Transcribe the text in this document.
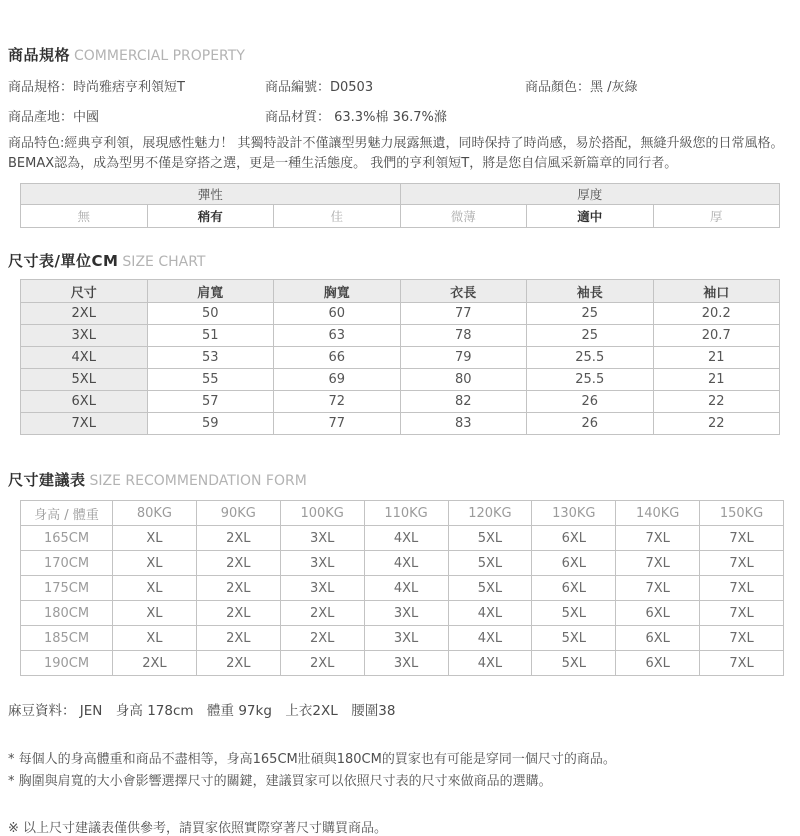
商品規格 COMMERCIAL PROPERTY
商品規格：時尚雅痞亨利領短T	商品編號：D0503	商品顏色：黑 /灰綠
商品產地：中國	商品材質： 63.3%棉 36.7%滌
商品特色:經典亨利領，展現感性魅力！ 其獨特設計不僅讓型男魅力展露無遺，同時保持了時尚感，易於搭配，無縫升級您的日常風格。 BEMAX認為，成為型男不僅是穿搭之選，更是一種生活態度。 我們的亨利領短T，將是您自信風采新篇章的同行者。
彈性			厚度		
無	稍有	佳	微薄	適中	厚
尺寸表/單位CM SIZE CHART
尺寸	肩寬	胸寬	衣長	袖長	袖口
2XL	50	60	77	25	20.2
3XL	51	63	78	25	20.7
4XL	53	66	79	25.5	21
5XL	55	69	80	25.5	21
6XL	57	72	82	26	22
7XL	59	77	83	26	22
尺寸建議表 SIZE RECOMMENDATION FORM
身高 / 體重	80KG	90KG	100KG	110KG	120KG	130KG	140KG	150KG
165CM	XL	2XL	3XL	4XL	5XL	6XL	7XL	7XL
170CM	XL	2XL	3XL	4XL	5XL	6XL	7XL	7XL
175CM	XL	2XL	3XL	4XL	5XL	6XL	7XL	7XL
180CM	XL	2XL	2XL	3XL	4XL	5XL	6XL	7XL
185CM	XL	2XL	2XL	3XL	4XL	5XL	6XL	7XL
190CM	2XL	2XL	2XL	3XL	4XL	5XL	6XL	7XL
麻豆資料： JEN　身高 178cm　體重 97kg　上衣2XL　腰圍38
* 每個人的身高體重和商品不盡相等，身高165CM壯碩與180CM的買家也有可能是穿同一個尺寸的商品。
* 胸圍與肩寬的大小會影響選擇尺寸的關鍵，建議買家可以依照尺寸表的尺寸來做商品的選購。
※ 以上尺寸建議表僅供參考，請買家依照實際穿著尺寸購買商品。
